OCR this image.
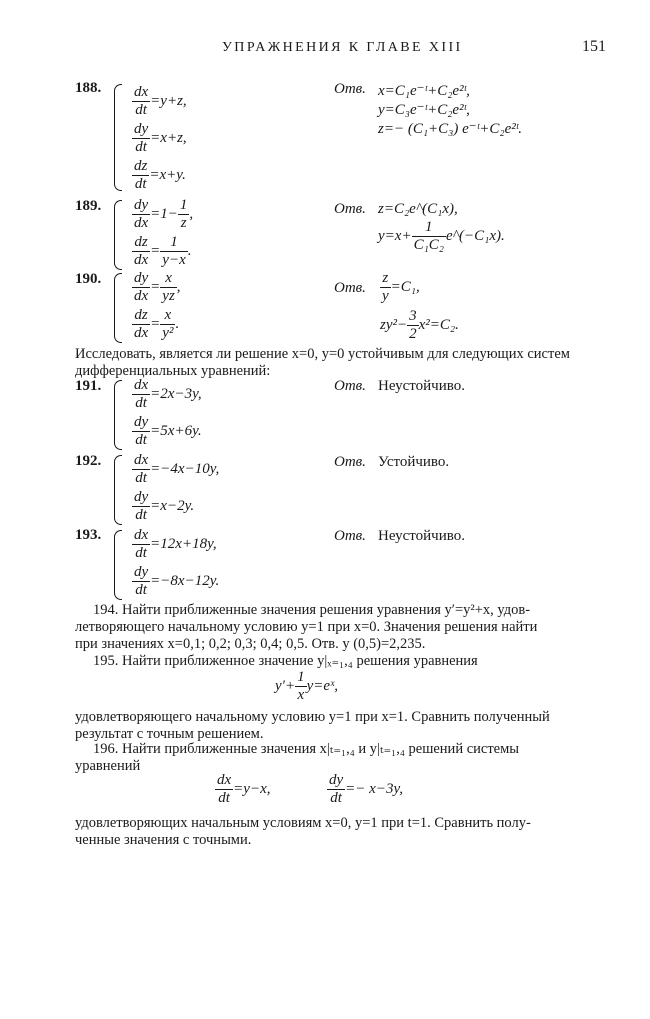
УПРАЖНЕНИЯ К ГЛАВЕ XIII	151
188. $\frac{dx}{dt} =y+z$,
$\frac{dy}{dt} =x+z$,
$\frac{dz}{dt} =x+y$.
Отв. x=C₁e⁻ᵗ+C₂e²ᵗ,
y=C₃e⁻ᵗ+C₂e²ᵗ,
z=− (C₁+C₃) e⁻ᵗ+C₂e²ᵗ.
189. $\frac{dy}{dx} =1- \frac{1}{z}$ ,
$\frac{dz}{dx} = \frac{1}{y-x}$ .
Отв. z=C₂e^(C₁x),
$y=x+ \frac{1}{\text{C₁C₂}}$ e^(−C₁x).
190. $\frac{dy}{dx} = \frac{x}{yz}$ ,
$\frac{dz}{dx} = \frac{x}{\text{y²}}$ .
Отв. $\frac{z}{y} =C_1$,
$zy^2- \frac{3}{2} x^2=C_2$.
Исследовать, является ли решение x=0, y=0 устойчивым для следующих систем дифференциальных уравнений:
191. $\frac{dx}{dt} =2x-3y$,
$\frac{dy}{dt} =5x+6y$.
Отв. Неустойчиво.
192. $\frac{dx}{dt} =-4x-10y$,
$\frac{dy}{dt} =x-2y$.
Отв. Устойчиво.
193. $\frac{dx}{dt} =12x+18y$,
$\frac{dy}{dt} =-8x-12y$.
Отв. Неустойчиво.
194. Найти приближенные значения решения уравнения y′=y²+x, удов-
летворяющего начальному условию y=1 при x=0. Значения решения найти
при значениях x=0,1; 0,2; 0,3; 0,4; 0,5. Отв. y (0,5)=2,235.
195. Найти приближенное значение y|ₓ₌₁,₄ решения уравнения
$y'+ \frac{1}{x}$ y=eˣ,
удовлетворяющего начальному условию y=1 при x=1. Сравнить полученный
результат с точным решением.
196. Найти приближенные значения x|ₜ₌₁,₄ и y|ₜ₌₁,₄ решений системы
уравнений
$\frac{dx}{dt} =y-x$,	$\frac{dy}{dt} =- x-3y$,
удовлетворяющих начальным условиям x=0, y=1 при t=1. Сравнить полу-
ченные значения с точными.
